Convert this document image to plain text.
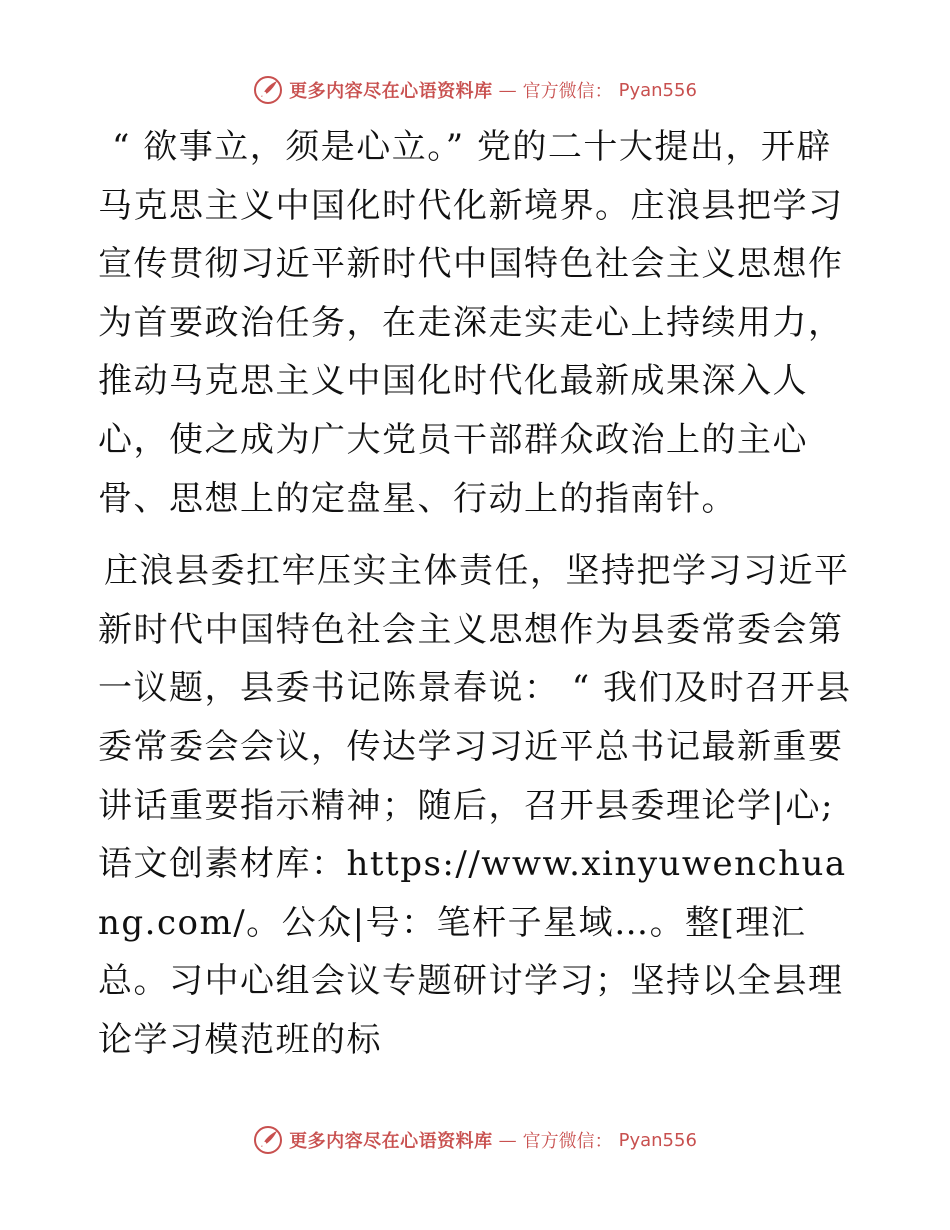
更多内容尽在心语资料库 — 官方微信： Pyan556

“ 欲事立，须是心立。” 党的二十大提出，开辟马克思主义中国化时代化新境界。庄浪县把学习宣传贯彻习近平新时代中国特色社会主义思想作为首要政治任务，在走深走实走心上持续用力，推动马克思主义中国化时代化最新成果深入人心，使之成为广大党员干部群众政治上的主心骨、思想上的定盘星、行动上的指南针。

庄浪县委扛牢压实主体责任，坚持把学习习近平新时代中国特色社会主义思想作为县委常委会第一议题，县委书记陈景春说： “ 我们及时召开县委常委会会议，传达学习习近平总书记最新重要讲话重要指示精神；随后，召开县委理论学|心;语文创素材库：https://www.xinyuwenchuang.com/。公众|号：笔杆子星域…。整[理汇总。习中心组会议专题研讨学习；坚持以全县理论学习模范班的标

更多内容尽在心语资料库 — 官方微信： Pyan556
